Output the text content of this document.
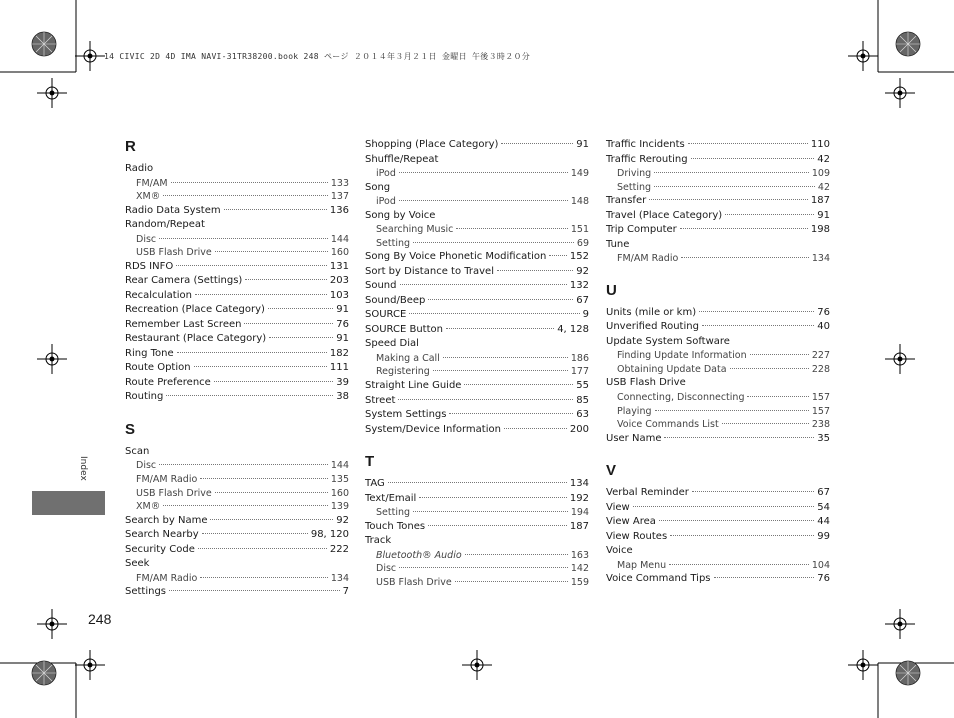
14 CIVIC 2D 4D IMA NAVI-31TR38200.book 248 ページ ２０１４年３月２１日 金曜日 午後３時２０分
R
Radio
FM/AM	133
XM®	137
Radio Data System	136
Random/Repeat
Disc	144
USB Flash Drive	160
RDS INFO	131
Rear Camera (Settings)	203
Recalculation	103
Recreation (Place Category)	91
Remember Last Screen	76
Restaurant (Place Category)	91
Ring Tone	182
Route Option	111
Route Preference	39
Routing	38
S
Scan
Disc	144
FM/AM Radio	135
USB Flash Drive	160
XM®	139
Search by Name	92
Search Nearby	98, 120
Security Code	222
Seek
FM/AM Radio	134
Settings	7
Shopping (Place Category)	91
Shuffle/Repeat
iPod	149
Song
iPod	148
Song by Voice
Searching Music	151
Setting	69
Song By Voice Phonetic Modification 152
Sort by Distance to Travel	92
Sound	132
Sound/Beep	67
SOURCE	9
SOURCE Button	4, 128
Speed Dial
Making a Call	186
Registering	177
Straight Line Guide	55
Street	85
System Settings	63
System/Device Information	200
T
TAG	134
Text/Email	192
Setting	194
Touch Tones	187
Track
Bluetooth® Audio	163
Disc	142
USB Flash Drive	159
Traffic Incidents	110
Traffic Rerouting	42
Driving	109
Setting	42
Transfer	187
Travel (Place Category)	91
Trip Computer	198
Tune
FM/AM Radio	134
U
Units (mile or km)	76
Unverified Routing	40
Update System Software
Finding Update Information	227
Obtaining Update Data	228
USB Flash Drive
Connecting, Disconnecting	157
Playing	157
Voice Commands List	238
User Name	35
V
Verbal Reminder	67
View	54
View Area	44
View Routes	99
Voice
Map Menu	104
Voice Command Tips	76
Index
248
